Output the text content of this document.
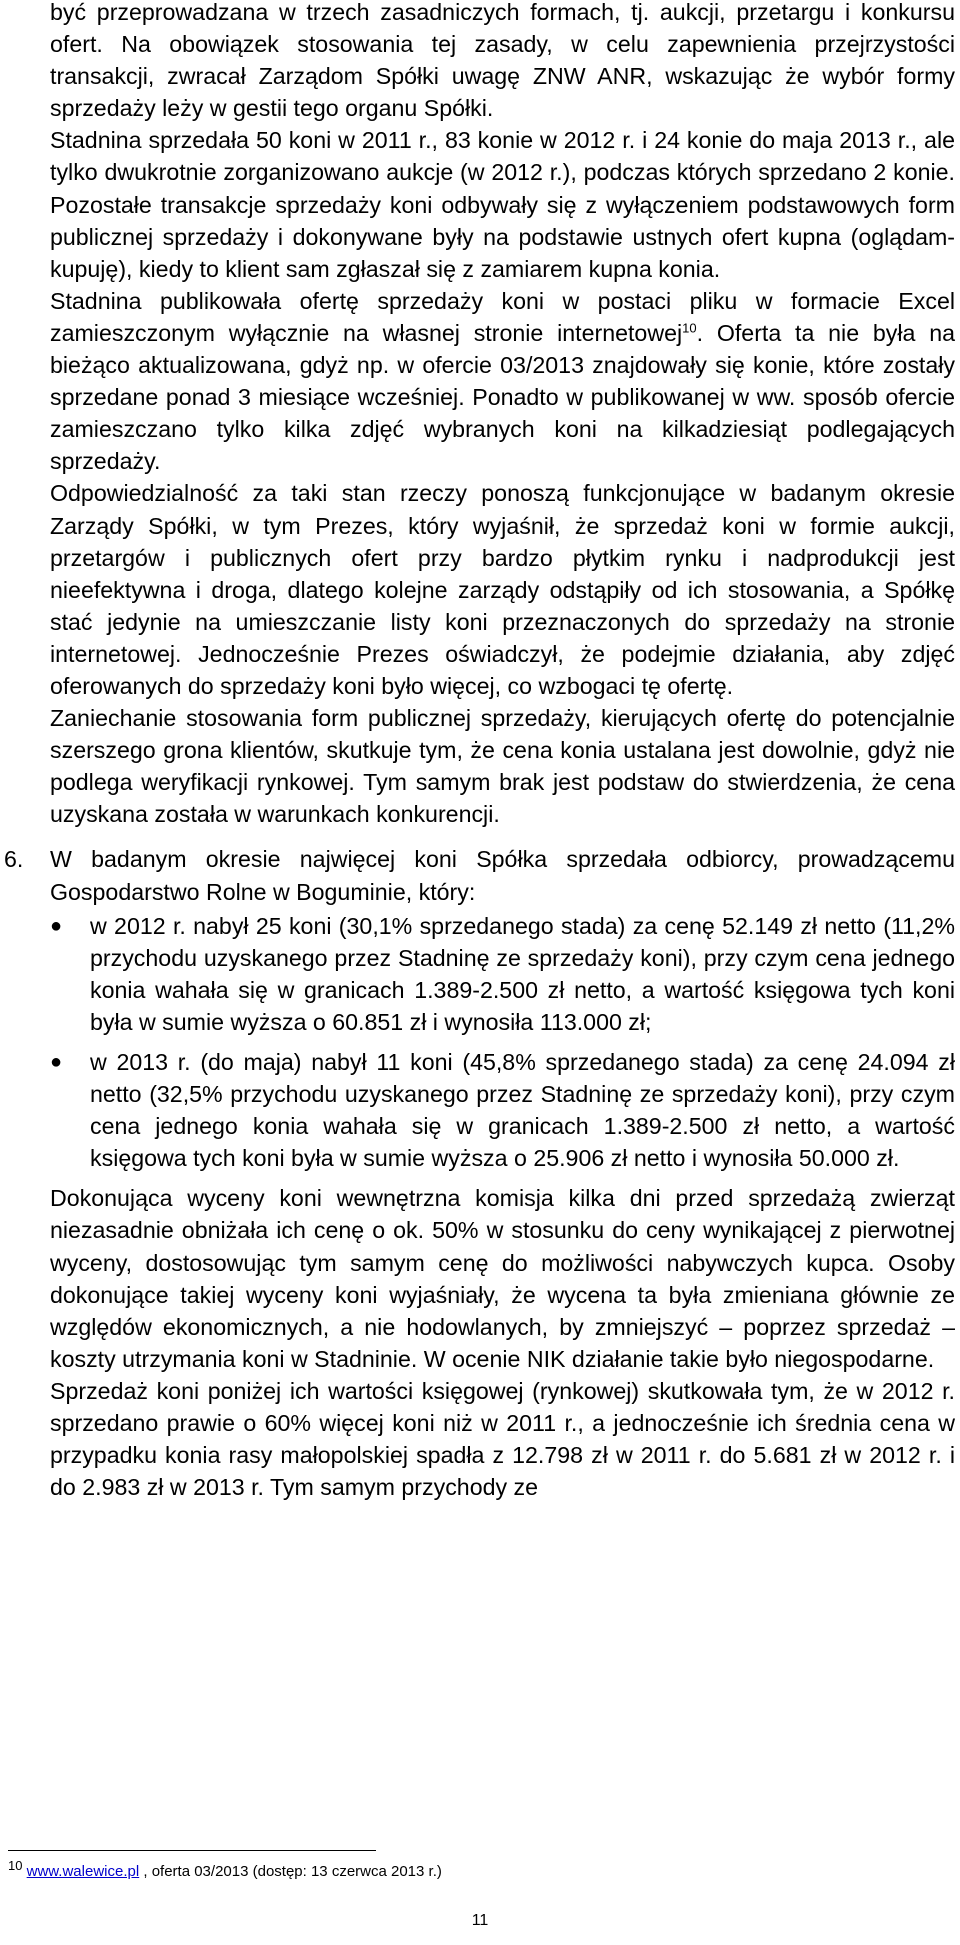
być przeprowadzana w trzech zasadniczych formach, tj. aukcji, przetargu i konkursu ofert. Na obowiązek stosowania tej zasady, w celu zapewnienia przejrzystości transakcji, zwracał Zarządom Spółki uwagę ZNW ANR, wskazując że wybór formy sprzedaży leży w gestii tego organu Spółki.

Stadnina sprzedała 50 koni w 2011 r., 83 konie w 2012 r. i 24 konie do maja 2013 r., ale tylko dwukrotnie zorganizowano aukcje (w 2012 r.), podczas których sprzedano 2 konie. Pozostałe transakcje sprzedaży koni odbywały się z wyłączeniem podstawowych form publicznej sprzedaży i dokonywane były na podstawie ustnych ofert kupna (oglądam-kupuję), kiedy to klient sam zgłaszał się z zamiarem kupna konia.

Stadnina publikowała ofertę sprzedaży koni w postaci pliku w formacie Excel zamieszczonym wyłącznie na własnej stronie internetowej$^{10}$. Oferta ta nie była na bieżąco aktualizowana, gdyż np. w ofercie 03/2013 znajdowały się konie, które zostały sprzedane ponad 3 miesiące wcześniej. Ponadto w publikowanej w ww. sposób ofercie zamieszczano tylko kilka zdjęć wybranych koni na kilkadziesiąt podlegających sprzedaży.

Odpowiedzialność za taki stan rzeczy ponoszą funkcjonujące w badanym okresie Zarządy Spółki, w tym Prezes, który wyjaśnił, że sprzedaż koni w formie aukcji, przetargów i publicznych ofert przy bardzo płytkim rynku i nadprodukcji jest nieefektywna i droga, dlatego kolejne zarządy odstąpiły od ich stosowania, a Spółkę stać jedynie na umieszczanie listy koni przeznaczonych do sprzedaży na stronie internetowej. Jednocześnie Prezes oświadczył, że podejmie działania, aby zdjęć oferowanych do sprzedaży koni było więcej, co wzbogaci tę ofertę.

Zaniechanie stosowania form publicznej sprzedaży, kierujących ofertę do potencjalnie szerszego grona klientów, skutkuje tym, że cena konia ustalana jest dowolnie, gdyż nie podlega weryfikacji rynkowej. Tym samym brak jest podstaw do stwierdzenia, że cena uzyskana została w warunkach konkurencji.

6.	W badanym okresie najwięcej koni Spółka sprzedała odbiorcy, prowadzącemu Gospodarstwo Rolne w Boguminie, który:

●	w 2012 r. nabył 25 koni (30,1% sprzedanego stada) za cenę 52.149 zł netto (11,2% przychodu uzyskanego przez Stadninę ze sprzedaży koni), przy czym cena jednego konia wahała się w granicach 1.389-2.500 zł netto, a wartość księgowa tych koni była w sumie wyższa o 60.851 zł i wynosiła 113.000 zł;
●	w 2013 r. (do maja) nabył 11 koni (45,8% sprzedanego stada) za cenę 24.094 zł netto (32,5% przychodu uzyskanego przez Stadninę ze sprzedaży koni), przy czym cena jednego konia wahała się w granicach 1.389-2.500 zł netto, a wartość księgowa tych koni była w sumie wyższa o 25.906 zł netto i wynosiła 50.000 zł.

Dokonująca wyceny koni wewnętrzna komisja kilka dni przed sprzedażą zwierząt niezasadnie obniżała ich cenę o ok. 50% w stosunku do ceny wynikającej z pierwotnej wyceny, dostosowując tym samym cenę do możliwości nabywczych kupca. Osoby dokonujące takiej wyceny koni wyjaśniały, że wycena ta była zmieniana głównie ze względów ekonomicznych, a nie hodowlanych, by zmniejszyć – poprzez sprzedaż – koszty utrzymania koni w Stadninie. W ocenie NIK działanie takie było niegospodarne.

Sprzedaż koni poniżej ich wartości księgowej (rynkowej) skutkowała tym, że w 2012 r. sprzedano prawie o 60% więcej koni niż w 2011 r., a jednocześnie ich średnia cena w przypadku konia rasy małopolskiej spadła z 12.798 zł w 2011 r. do 5.681 zł w 2012 r. i do 2.983 zł w 2013 r. Tym samym przychody ze

$^{10}$ www.walewice.pl , oferta 03/2013 (dostęp: 13 czerwca 2013 r.)
11
